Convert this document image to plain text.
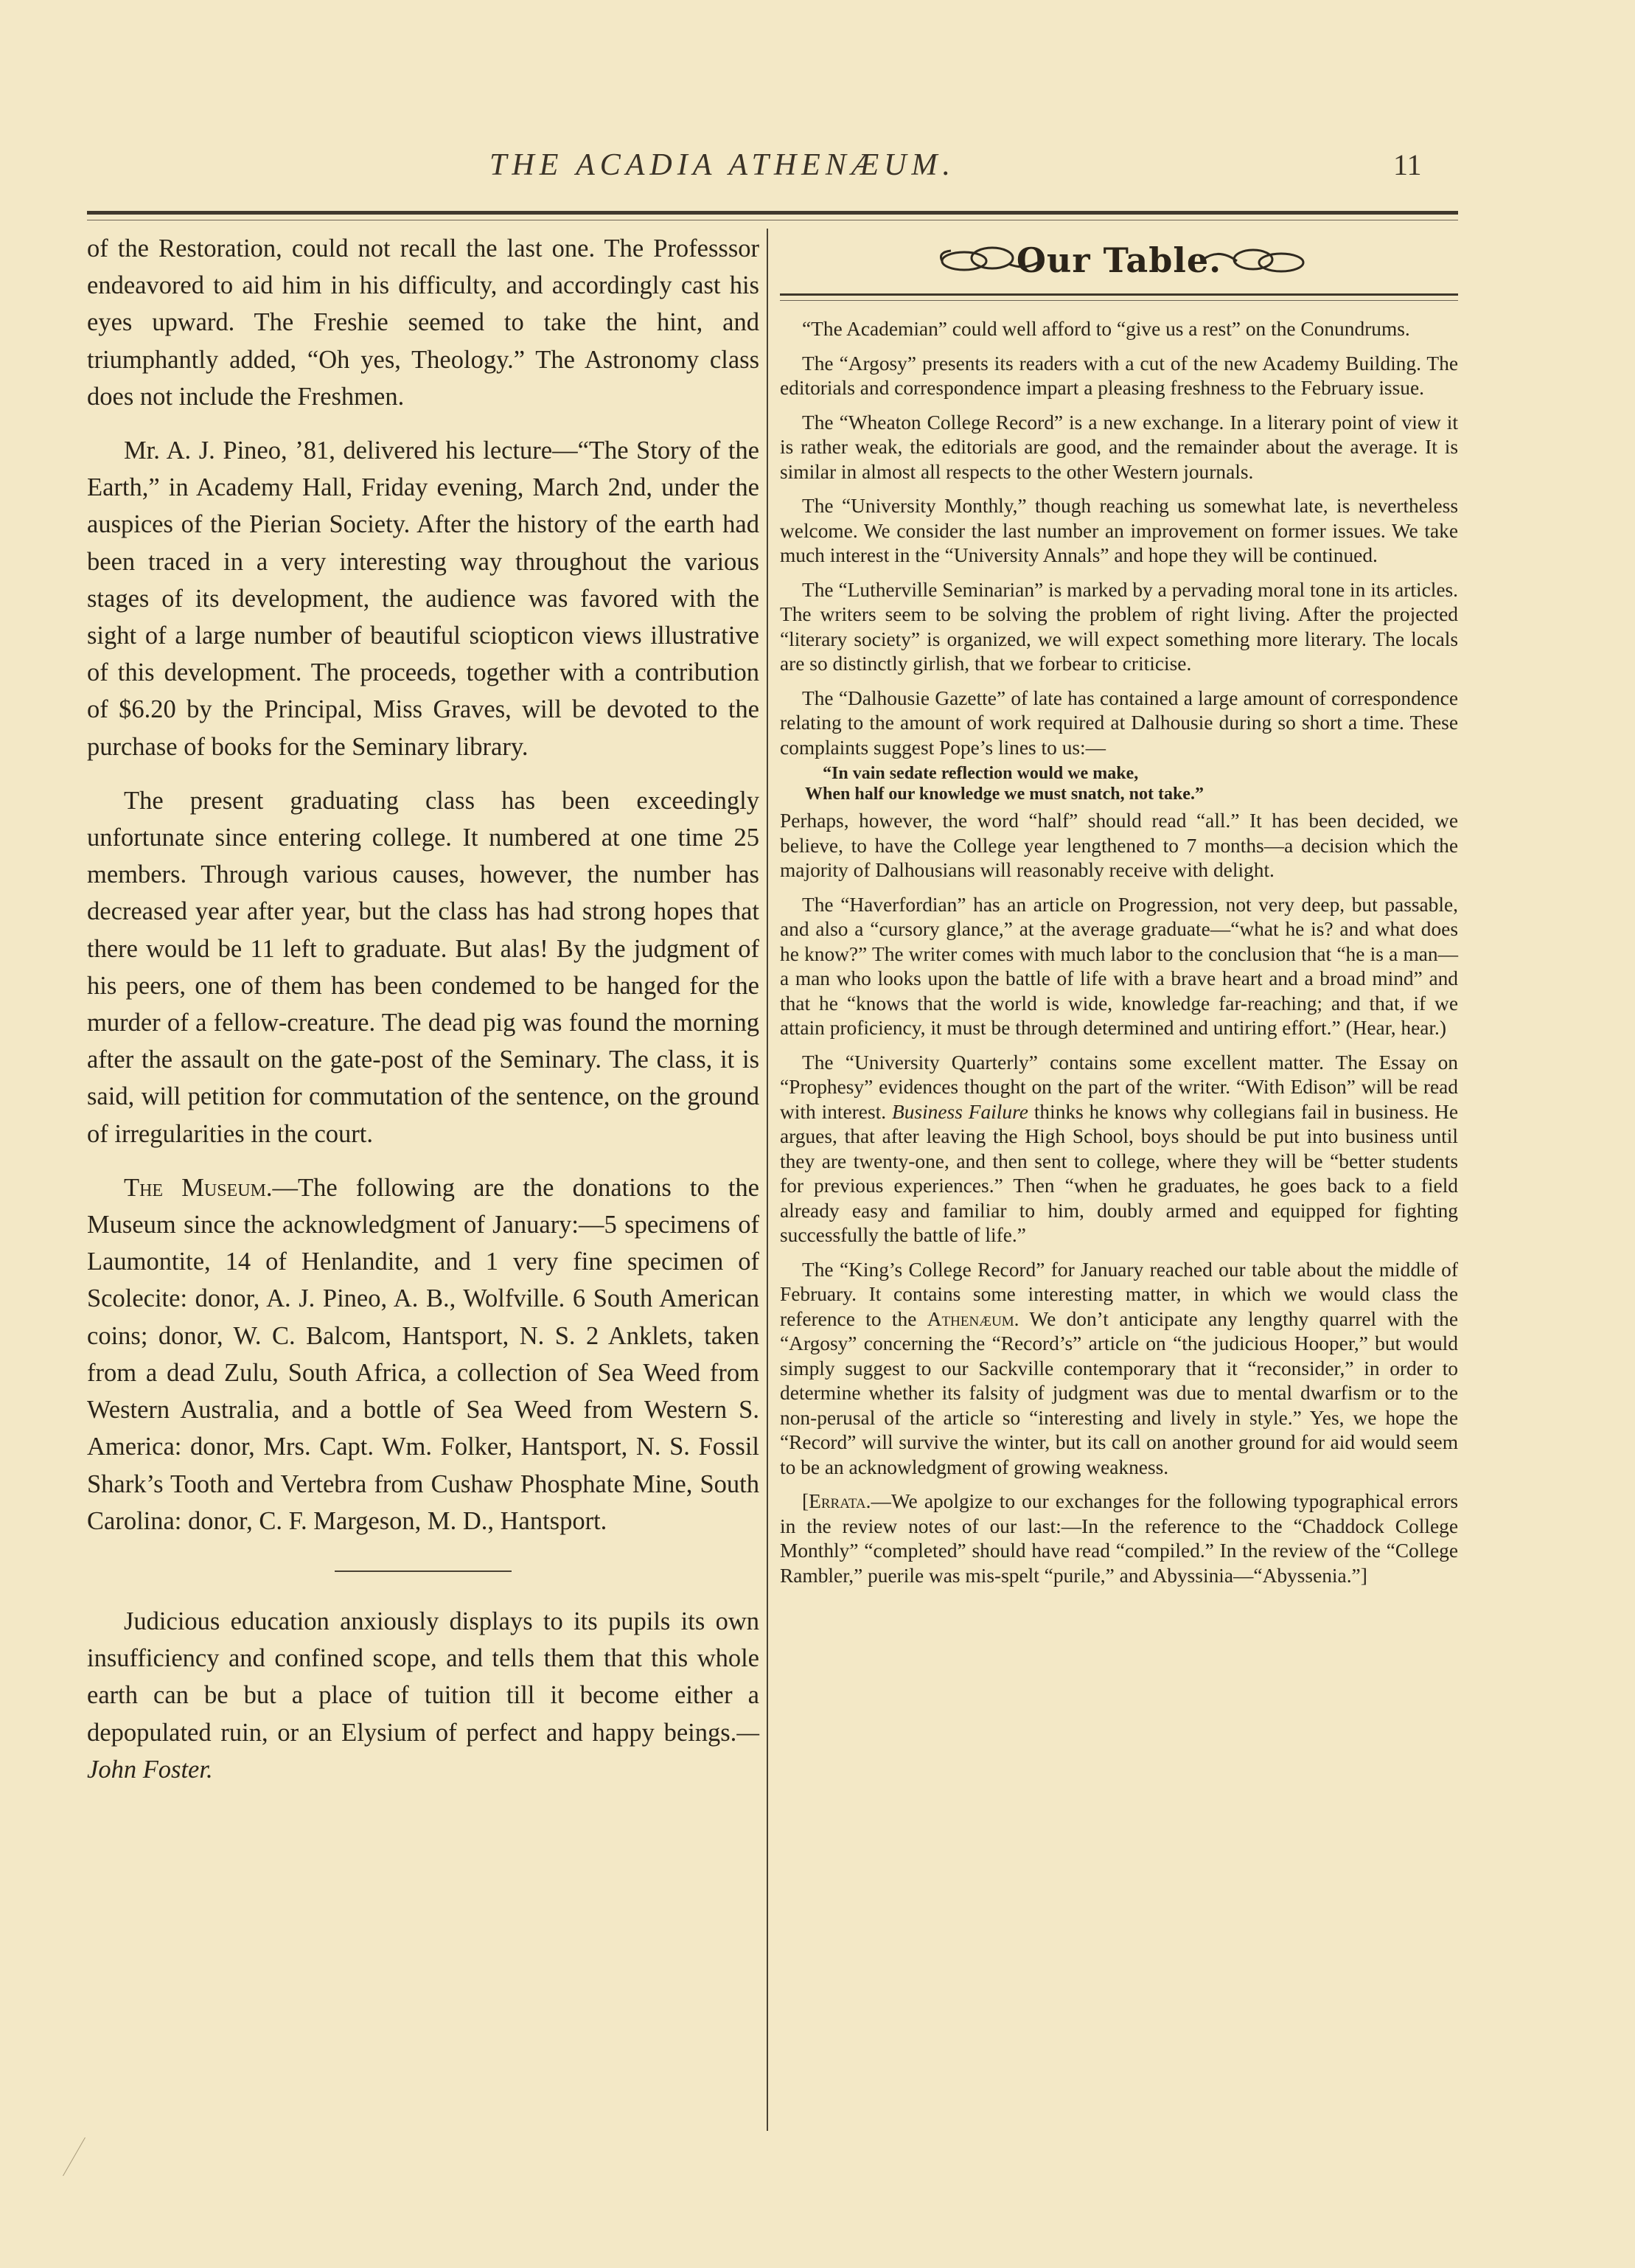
THE ACADIA ATHENÆUM.	11

of the Restoration, could not recall the last one. The Professsor endeavored to aid him in his difficulty, and accordingly cast his eyes upward. The Freshie seemed to take the hint, and triumphantly added, “Oh yes, Theology.” The Astronomy class does not include the Freshmen.

Mr. A. J. Pineo, ’81, delivered his lecture—“The Story of the Earth,” in Academy Hall, Friday evening, March 2nd, under the auspices of the Pierian Society. After the history of the earth had been traced in a very interesting way throughout the various stages of its development, the audience was favored with the sight of a large number of beautiful sciopticon views illustrative of this development. The proceeds, together with a contribution of $6.20 by the Principal, Miss Graves, will be devoted to the purchase of books for the Seminary library.

The present graduating class has been exceedingly unfortunate since entering college. It numbered at one time 25 members. Through various causes, however, the number has decreased year after year, but the class has had strong hopes that there would be 11 left to graduate. But alas! By the judgment of his peers, one of them has been condemed to be hanged for the murder of a fellow-creature. The dead pig was found the morning after the assault on the gate-post of the Seminary. The class, it is said, will petition for commutation of the sentence, on the ground of irregularities in the court.

The Museum.—The following are the donations to the Museum since the acknowledgment of January:—5 specimens of Laumontite, 14 of Henlandite, and 1 very fine specimen of Scolecite: donor, A. J. Pineo, A. B., Wolfville. 6 South American coins; donor, W. C. Balcom, Hantsport, N. S. 2 Anklets, taken from a dead Zulu, South Africa, a collection of Sea Weed from Western Australia, and a bottle of Sea Weed from Western S. America: donor, Mrs. Capt. Wm. Folker, Hantsport, N. S. Fossil Shark’s Tooth and Vertebra from Cushaw Phosphate Mine, South Carolina: donor, C. F. Margeson, M. D., Hantsport.

Judicious education anxiously displays to its pupils its own insufficiency and confined scope, and tells them that this whole earth can be but a place of tuition till it become either a depopulated ruin, or an Elysium of perfect and happy beings.—John Foster.

Our Table.

“The Academian” could well afford to “give us a rest” on the Conundrums.

The “Argosy” presents its readers with a cut of the new Academy Building. The editorials and correspondence impart a pleasing freshness to the February issue.

The “Wheaton College Record” is a new exchange. In a literary point of view it is rather weak, the editorials are good, and the remainder about the average. It is similar in almost all respects to the other Western journals.

The “University Monthly,” though reaching us somewhat late, is nevertheless welcome. We consider the last number an improvement on former issues. We take much interest in the “University Annals” and hope they will be continued.

The “Lutherville Seminarian” is marked by a pervading moral tone in its articles. The writers seem to be solving the problem of right living. After the projected “literary society” is organized, we will expect something more literary. The locals are so distinctly girlish, that we forbear to criticise.

The “Dalhousie Gazette” of late has contained a large amount of correspondence relating to the amount of work required at Dalhousie during so short a time. These complaints suggest Pope’s lines to us:—

“In vain sedate reflection would we make,
When half our knowledge we must snatch, not take.”

Perhaps, however, the word “half” should read “all.” It has been decided, we believe, to have the College year lengthened to 7 months—a decision which the majority of Dalhousians will reasonably receive with delight.

The “Haverfordian” has an article on Progression, not very deep, but passable, and also a “cursory glance,” at the average graduate—“what he is? and what does he know?” The writer comes with much labor to the conclusion that “he is a man—a man who looks upon the battle of life with a brave heart and a broad mind” and that he “knows that the world is wide, knowledge far-reaching; and that, if we attain proficiency, it must be through determined and untiring effort.” (Hear, hear.)

The “University Quarterly” contains some excellent matter. The Essay on “Prophesy” evidences thought on the part of the writer. “With Edison” will be read with interest. Business Failure thinks he knows why collegians fail in business. He argues, that after leaving the High School, boys should be put into business until they are twenty-one, and then sent to college, where they will be “better students for previous experiences.” Then “when he graduates, he goes back to a field already easy and familiar to him, doubly armed and equipped for fighting successfully the battle of life.”

The “King’s College Record” for January reached our table about the middle of February. It contains some interesting matter, in which we would class the reference to the Athenæum. We don’t anticipate any lengthy quarrel with the “Argosy” concerning the “Record’s” article on “the judicious Hooper,” but would simply suggest to our Sackville contemporary that it “reconsider,” in order to determine whether its falsity of judgment was due to mental dwarfism or to the non-perusal of the article so “interesting and lively in style.” Yes, we hope the “Record” will survive the winter, but its call on another ground for aid would seem to be an acknowledgment of growing weakness.

[Errata.—We apolgize to our exchanges for the following typographical errors in the review notes of our last:—In the reference to the “Chaddock College Monthly” “completed” should have read “compiled.” In the review of the “College Rambler,” puerile was mis-spelt “purile,” and Abyssinia—“Abyssenia.”]
